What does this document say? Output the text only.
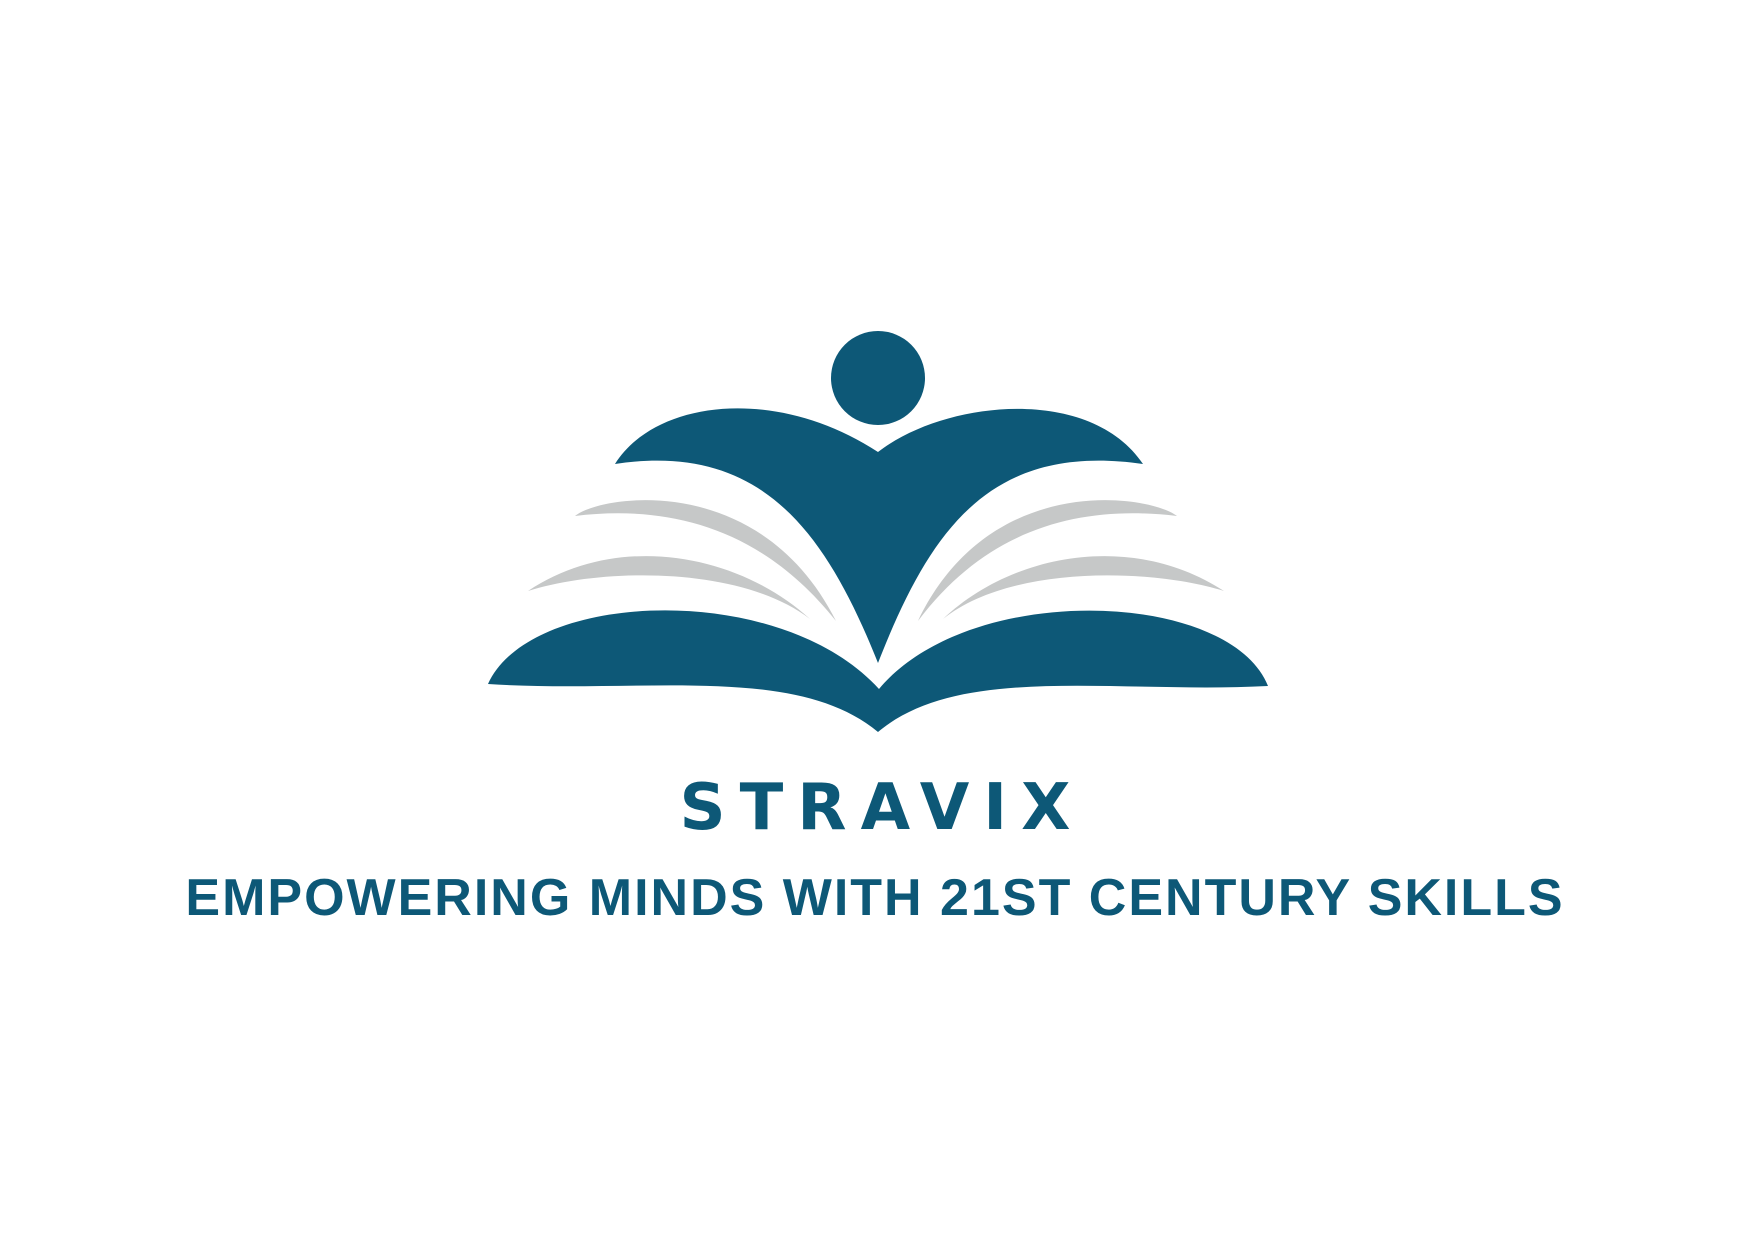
STRAVIX
EMPOWERING MINDS WITH 21ST CENTURY SKILLS
